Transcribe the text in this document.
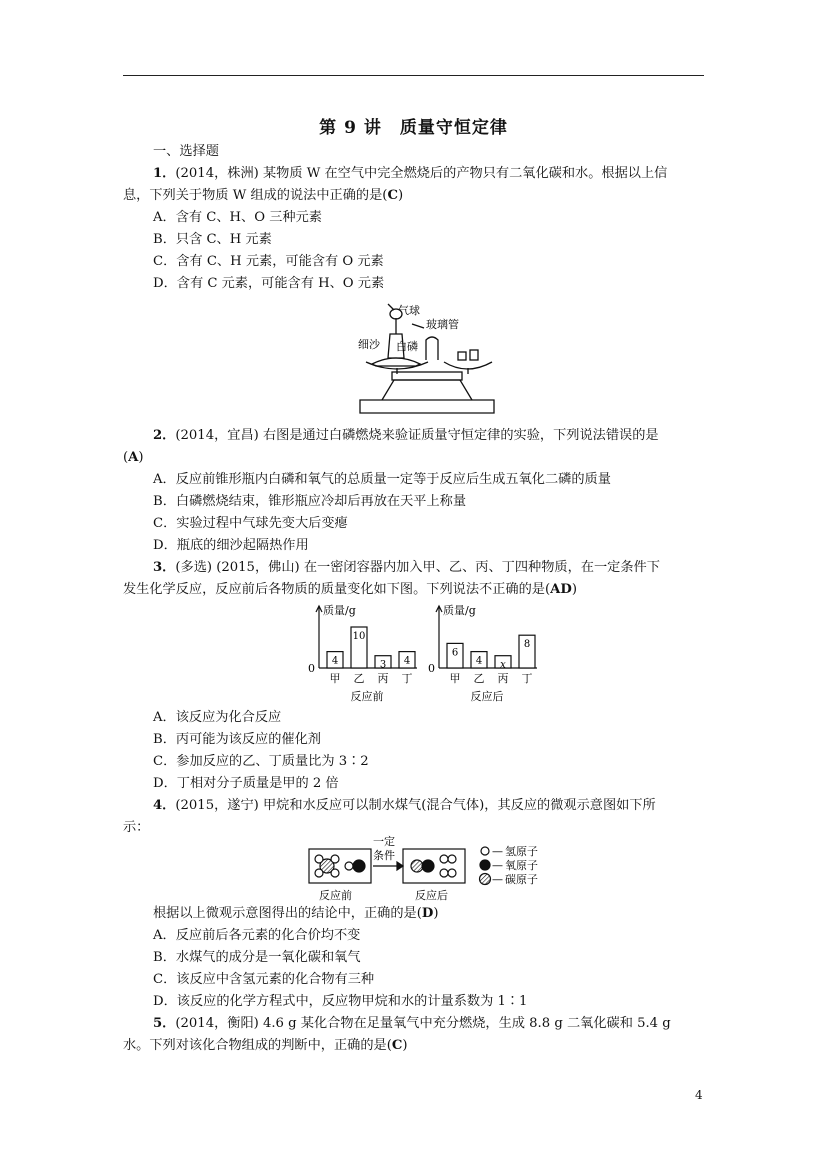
第 9 讲　质量守恒定律
一、选择题
1．(2014，株洲) 某物质 W 在空气中完全燃烧后的产物只有二氧化碳和水。根据以上信
息，下列关于物质 W 组成的说法中正确的是(C)
A．含有 C、H、O 三种元素
B．只含 C、H 元素
C．含有 C、H 元素，可能含有 O 元素
D．含有 C 元素，可能含有 H、O 元素
气球
玻璃管
细沙 白磷
2．(2014，宜昌) 右图是通过白磷燃烧来验证质量守恒定律的实验，下列说法错误的是
(A)
A．反应前锥形瓶内白磷和氧气的总质量一定等于反应后生成五氧化二磷的质量
B．白磷燃烧结束，锥形瓶应冷却后再放在天平上称量
C．实验过程中气球先变大后变瘪
D．瓶底的细沙起隔热作用
3．(多选) (2015，佛山) 在一密闭容器内加入甲、乙、丙、丁四种物质，在一定条件下
发生化学反应，反应前后各物质的质量变化如下图。下列说法不正确的是(AD)
质量/g
0
4
甲
10
乙
3
丙
4
丁
反应前
质量/g
0
6
甲
4
乙
x
丙
8
丁
反应后
A．该反应为化合反应
B．丙可能为该反应的催化剂
C．参加反应的乙、丁质量比为 3∶2
D．丁相对分子质量是甲的 2 倍
4．(2015，遂宁) 甲烷和水反应可以制水煤气(混合气体)，其反应的微观示意图如下所
示：
一定
条件
反应前	反应后
— 氢原子
— 氧原子
— 碳原子
根据以上微观示意图得出的结论中，正确的是(D)
A．反应前后各元素的化合价均不变
B．水煤气的成分是一氧化碳和氧气
C．该反应中含氢元素的化合物有三种
D．该反应的化学方程式中，反应物甲烷和水的计量系数为 1∶1
5．(2014，衡阳) 4.6 g 某化合物在足量氧气中充分燃烧，生成 8.8 g 二氧化碳和 5.4 g
水。下列对该化合物组成的判断中，正确的是(C)
4
